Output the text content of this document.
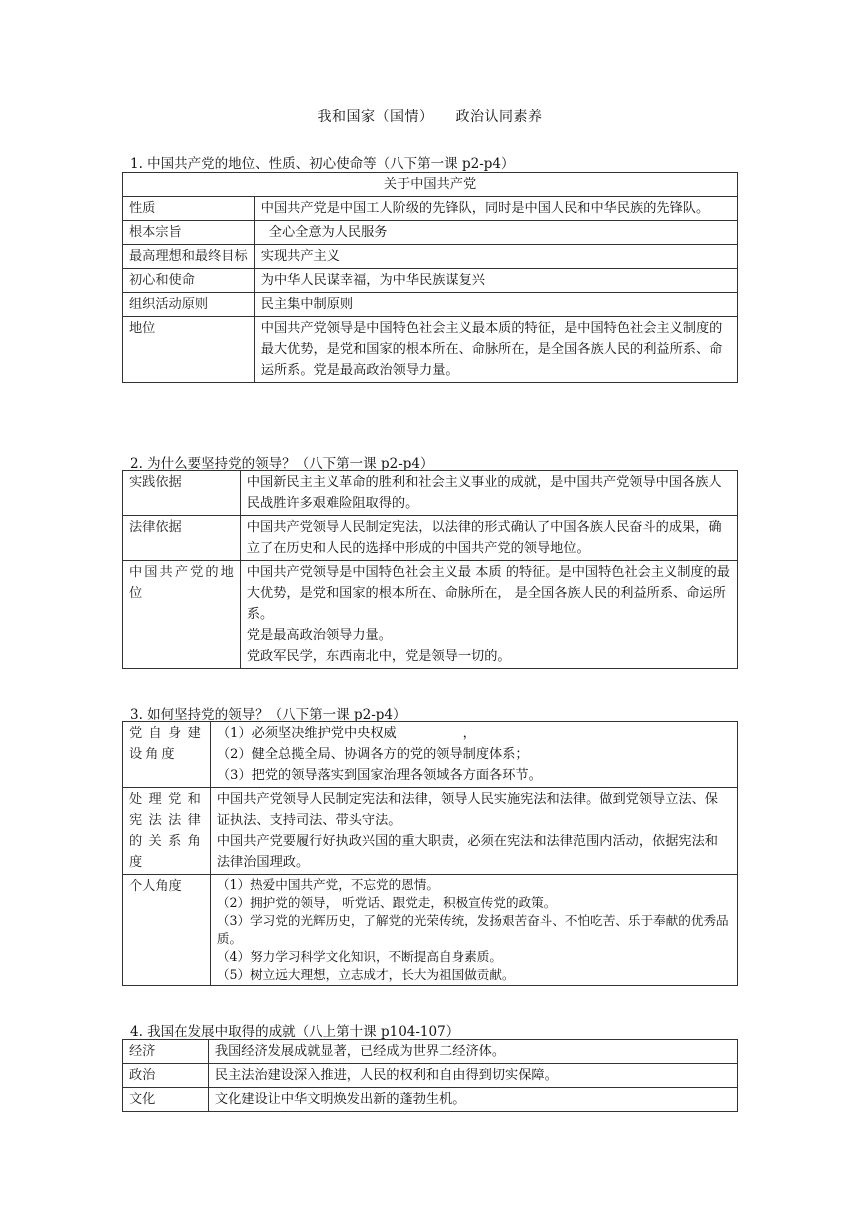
我和国家（国情）　　政治认同素养
1. 中国共产党的地位、性质、初心使命等（八下第一课 p2-p4）
关于中国共产党	
性质	中国共产党是中国工人阶级的先锋队，同时是中国人民和中华民族的先锋队。
根本宗旨	全心全意为人民服务
最高理想和最终目标	实现共产主义
初心和使命	为中华人民谋幸福，为中华民族谋复兴
组织活动原则	民主集中制原则
地位	中国共产党领导是中国特色社会主义最本质的特征，是中国特色社会主义制度的最大优势，是党和国家的根本所在、命脉所在，是全国各族人民的利益所系、命运所系。党是最高政治领导力量。
2. 为什么要坚持党的领导？（八下第一课 p2-p4）
实践依据	中国新民主主义革命的胜利和社会主义事业的成就，是中国共产党领导中国各族人民战胜许多艰难险阻取得的。
法律依据	中国共产党领导人民制定宪法，以法律的形式确认了中国各族人民奋斗的成果，确立了在历史和人民的选择中形成的中国共产党的领导地位。
中国共产党的地位	中国共产党领导是中国特色社会主义最 本质 的特征。是中国特色社会主义制度的最大优势，是党和国家的根本所在、命脉所在， 是全国各族人民的利益所系、命运所系。
党是最高政治领导力量。
党政军民学，东西南北中，党是领导一切的。
3. 如何坚持党的领导？（八下第一课 p2-p4）
党自身建设角度	（1）必须坚决维护党中央权威　　　　　，
（2）健全总揽全局、协调各方的党的领导制度体系；
（3）把党的领导落实到国家治理各领域各方面各环节。

处理党和宪法法律的关系角度	中国共产党领导人民制定宪法和法律，领导人民实施宪法和法律。做到党领导立法、保证执法、支持司法、带头守法。
中国共产党要履行好执政兴国的重大职责，必须在宪法和法律范围内活动，依据宪法和法律治国理政。

个人角度	（1）热爱中国共产党，不忘党的恩情。
（2）拥护党的领导， 听党话、跟党走，积极宣传党的政策。
（3）学习党的光辉历史，了解党的光荣传统，发扬艰苦奋斗、不怕吃苦、乐于奉献的优秀品质。
（4）努力学习科学文化知识，不断提高自身素质。
（5）树立远大理想，立志成才，长大为祖国做贡献。
4. 我国在发展中取得的成就（八上第十课 p104-107）
经济	我国经济发展成就显著，已经成为世界二经济体。
政治	民主法治建设深入推进，人民的权利和自由得到切实保障。
文化	文化建设让中华文明焕发出新的蓬勃生机。
